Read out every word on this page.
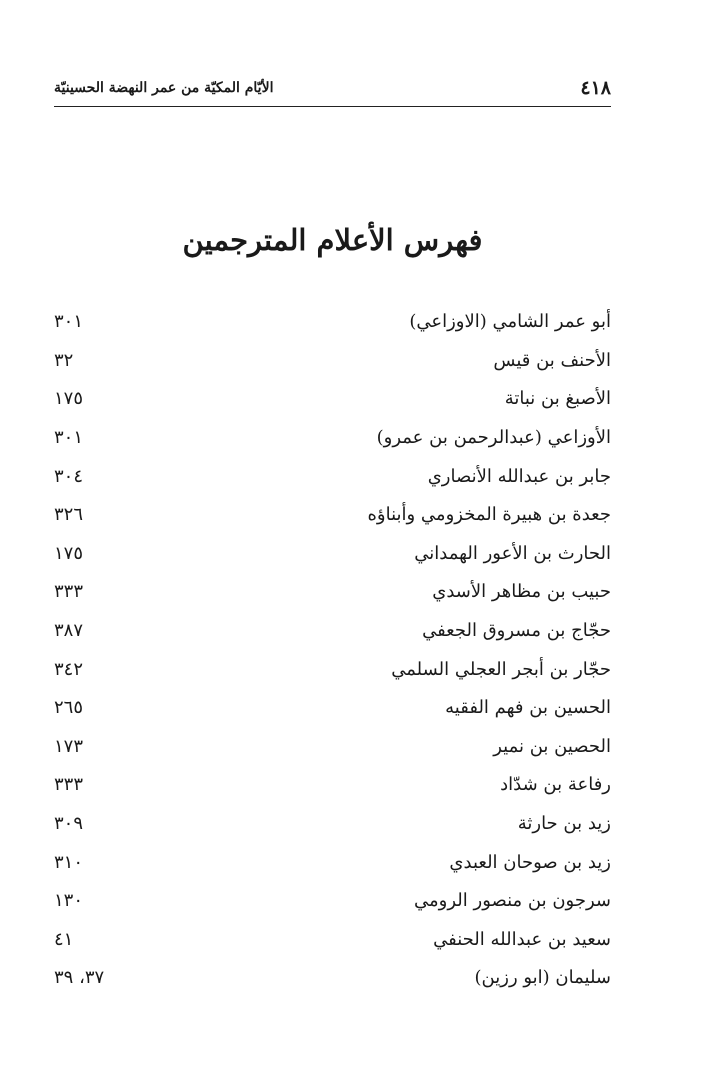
٤١٨
الأيّام المكيّة من عمر النهضة الحسينيّة
فهرس الأعلام المترجمين
أبو عمر الشامي (الاوزاعي)
٣٠١
الأحنف بن قيس
٣٢
الأصبغ بن نباتة
١٧٥
الأوزاعي (عبدالرحمن بن عمرو)
٣٠١
جابر بن عبدالله الأنصاري
٣٠٤
جعدة بن هبيرة المخزومي وأبناؤه
٣٢٦
الحارث بن الأعور الهمداني
١٧٥
حبيب بن مظاهر الأسدي
٣٣٣
حجّاج بن مسروق الجعفي
٣٨٧
حجّار بن أبجر العجلي السلمي
٣٤٢
الحسين بن فهم الفقيه
٢٦٥
الحصين بن نمير
١٧٣
رفاعة بن شدّاد
٣٣٣
زيد بن حارثة
٣٠٩
زيد بن صوحان العبدي
٣١٠
سرجون بن منصور الرومي
١٣٠
سعيد بن عبدالله الحنفي
٤١
سليمان (ابو رزين)
٣٧، ٣٩
